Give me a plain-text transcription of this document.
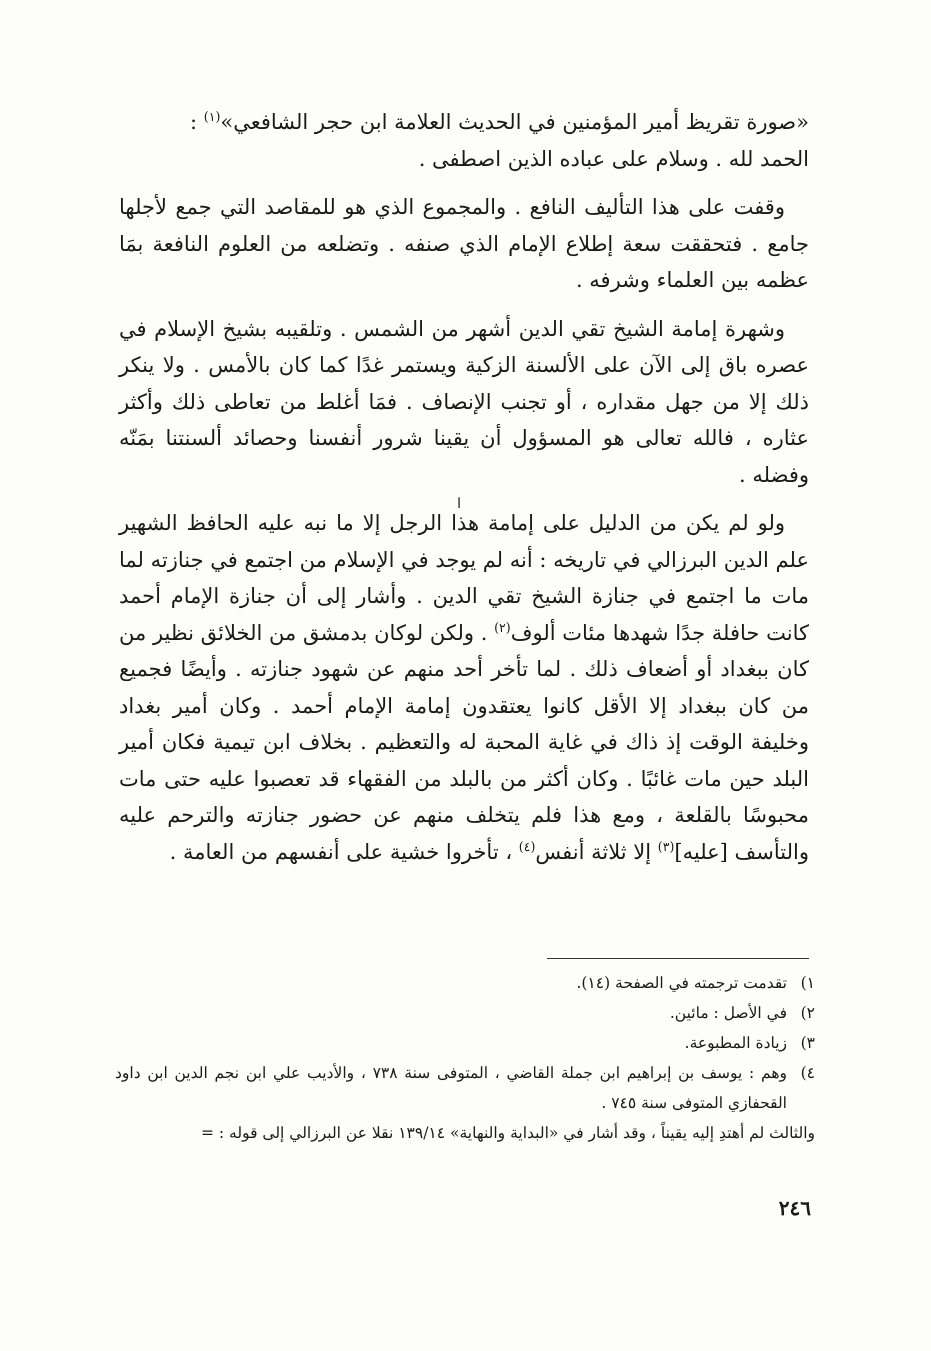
«صورة تقريظ أمير المؤمنين في الحديث العلامة ابن حجر الشافعي»$^{(١)}$ :

الحمد لله . وسلام على عباده الذين اصطفى .

وقفت على هذا التأليف النافع . والمجموع الذي هو للمقاصد التي جمع لأجلها جامع . فتحققت سعة إطلاع الإمام الذي صنفه . وتضلعه من العلوم النافعة بمَا عظمه بين العلماء وشرفه .

وشهرة إمامة الشيخ تقي الدين أشهر من الشمس . وتلقيبه بشيخ الإسلام في عصره باق إلى الآن على الألسنة الزكية ويستمر غدًا كما كان بالأمس . ولا ينكر ذلك إلا من جهل مقداره ، أو تجنب الإنصاف . فمَا أغلط من تعاطى ذلك وأكثر عثاره ، فالله تعالى هو المسؤول أن يقينا شرور أنفسنا وحصائد ألسنتنا بمَنّه وفضله .

ولو لم يكن من الدليل على إمامة هذا الرجل إلا ما نبه عليه الحافظ الشهير علم الدين البرزالي في تاريخه : أنه لم يوجد في الإسلام من اجتمع في جنازته لما مات ما اجتمع في جنازة الشيخ تقي الدين . وأشار إلى أن جنازة الإمام أحمد كانت حافلة جدًا شهدها مئات ألوف$^{(٢)}$ . ولكن لوكان بدمشق من الخلائق نظير من كان ببغداد أو أضعاف ذلك . لما تأخر أحد منهم عن شهود جنازته . وأيضًا فجميع من كان ببغداد إلا الأقل كانوا يعتقدون إمامة الإمام أحمد . وكان أمير بغداد وخليفة الوقت إذ ذاك في غاية المحبة له والتعظيم . بخلاف ابن تيمية فكان أمير البلد حين مات غائبًا . وكان أكثر من بالبلد من الفقهاء قد تعصبوا عليه حتى مات محبوسًا بالقلعة ، ومع هذا فلم يتخلف منهم عن حضور جنازته والترحم عليه والتأسف [عليه]$^{(٣)}$ إلا ثلاثة أنفس$^{(٤)}$ ، تأخروا خشية على أنفسهم من العامة .

ا
١)
تقدمت ترجمته في الصفحة (١٤).
٢)
في الأصل : مائين.
٣)
زيادة المطبوعة.
٤)
وهم : يوسف بن إبراهيم ابن جملة القاضي ، المتوفى سنة ٧٣٨ ، والأديب علي ابن نجم الدين ابن داود القحفازي المتوفى سنة ٧٤٥ .
والثالث لم أهتدِ إليه يقيناً ، وقد أشار في «البداية والنهاية» ١٣٩/١٤ نقلا عن البرزالي إلى قوله : =
٢٤٦
